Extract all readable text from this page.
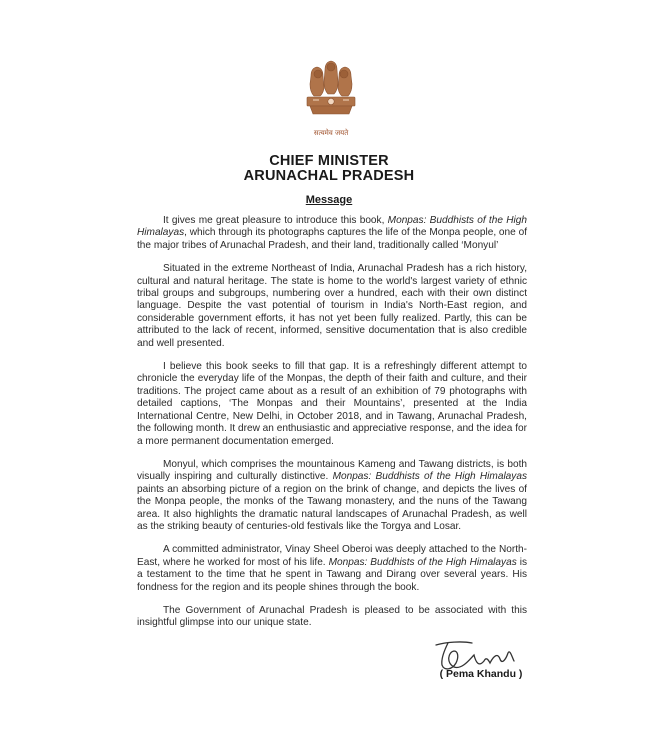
सत्यमेव जयते
CHIEF MINISTER
ARUNACHAL PRADESH
Message

It gives me great pleasure to introduce this book, Monpas: Buddhists of the High Himalayas, which through its photographs captures the life of the Monpa people, one of the major tribes of Arunachal Pradesh, and their land, traditionally called ‘Monyul’

Situated in the extreme Northeast of India, Arunachal Pradesh has a rich history, cultural and natural heritage. The state is home to the world's largest variety of ethnic tribal groups and subgroups, numbering over a hundred, each with their own distinct language. Despite the vast potential of tourism in India's North-East region, and considerable government efforts, it has not yet been fully realized. Partly, this can be attributed to the lack of recent, informed, sensitive documentation that is also credible and well presented.

I believe this book seeks to fill that gap. It is a refreshingly different attempt to chronicle the everyday life of the Monpas, the depth of their faith and culture, and their traditions. The project came about as a result of an exhibition of 79 photographs with detailed captions, ‘The Monpas and their Mountains’, presented at the India International Centre, New Delhi, in October 2018, and in Tawang, Arunachal Pradesh, the following month. It drew an enthusiastic and appreciative response, and the idea for a more permanent documentation emerged.

Monyul, which comprises the mountainous Kameng and Tawang districts, is both visually inspiring and culturally distinctive. Monpas: Buddhists of the High Himalayas paints an absorbing picture of a region on the brink of change, and depicts the lives of the Monpa people, the monks of the Tawang monastery, and the nuns of the Tawang area. It also highlights the dramatic natural landscapes of Arunachal Pradesh, as well as the striking beauty of centuries-old festivals like the Torgya and Losar.

A committed administrator, Vinay Sheel Oberoi was deeply attached to the North-East, where he worked for most of his life. Monpas: Buddhists of the High Himalayas is a testament to the time that he spent in Tawang and Dirang over several years. His fondness for the region and its people shines through the book.

The Government of Arunachal Pradesh is pleased to be associated with this insightful glimpse into our unique state.

( Pema Khandu )
